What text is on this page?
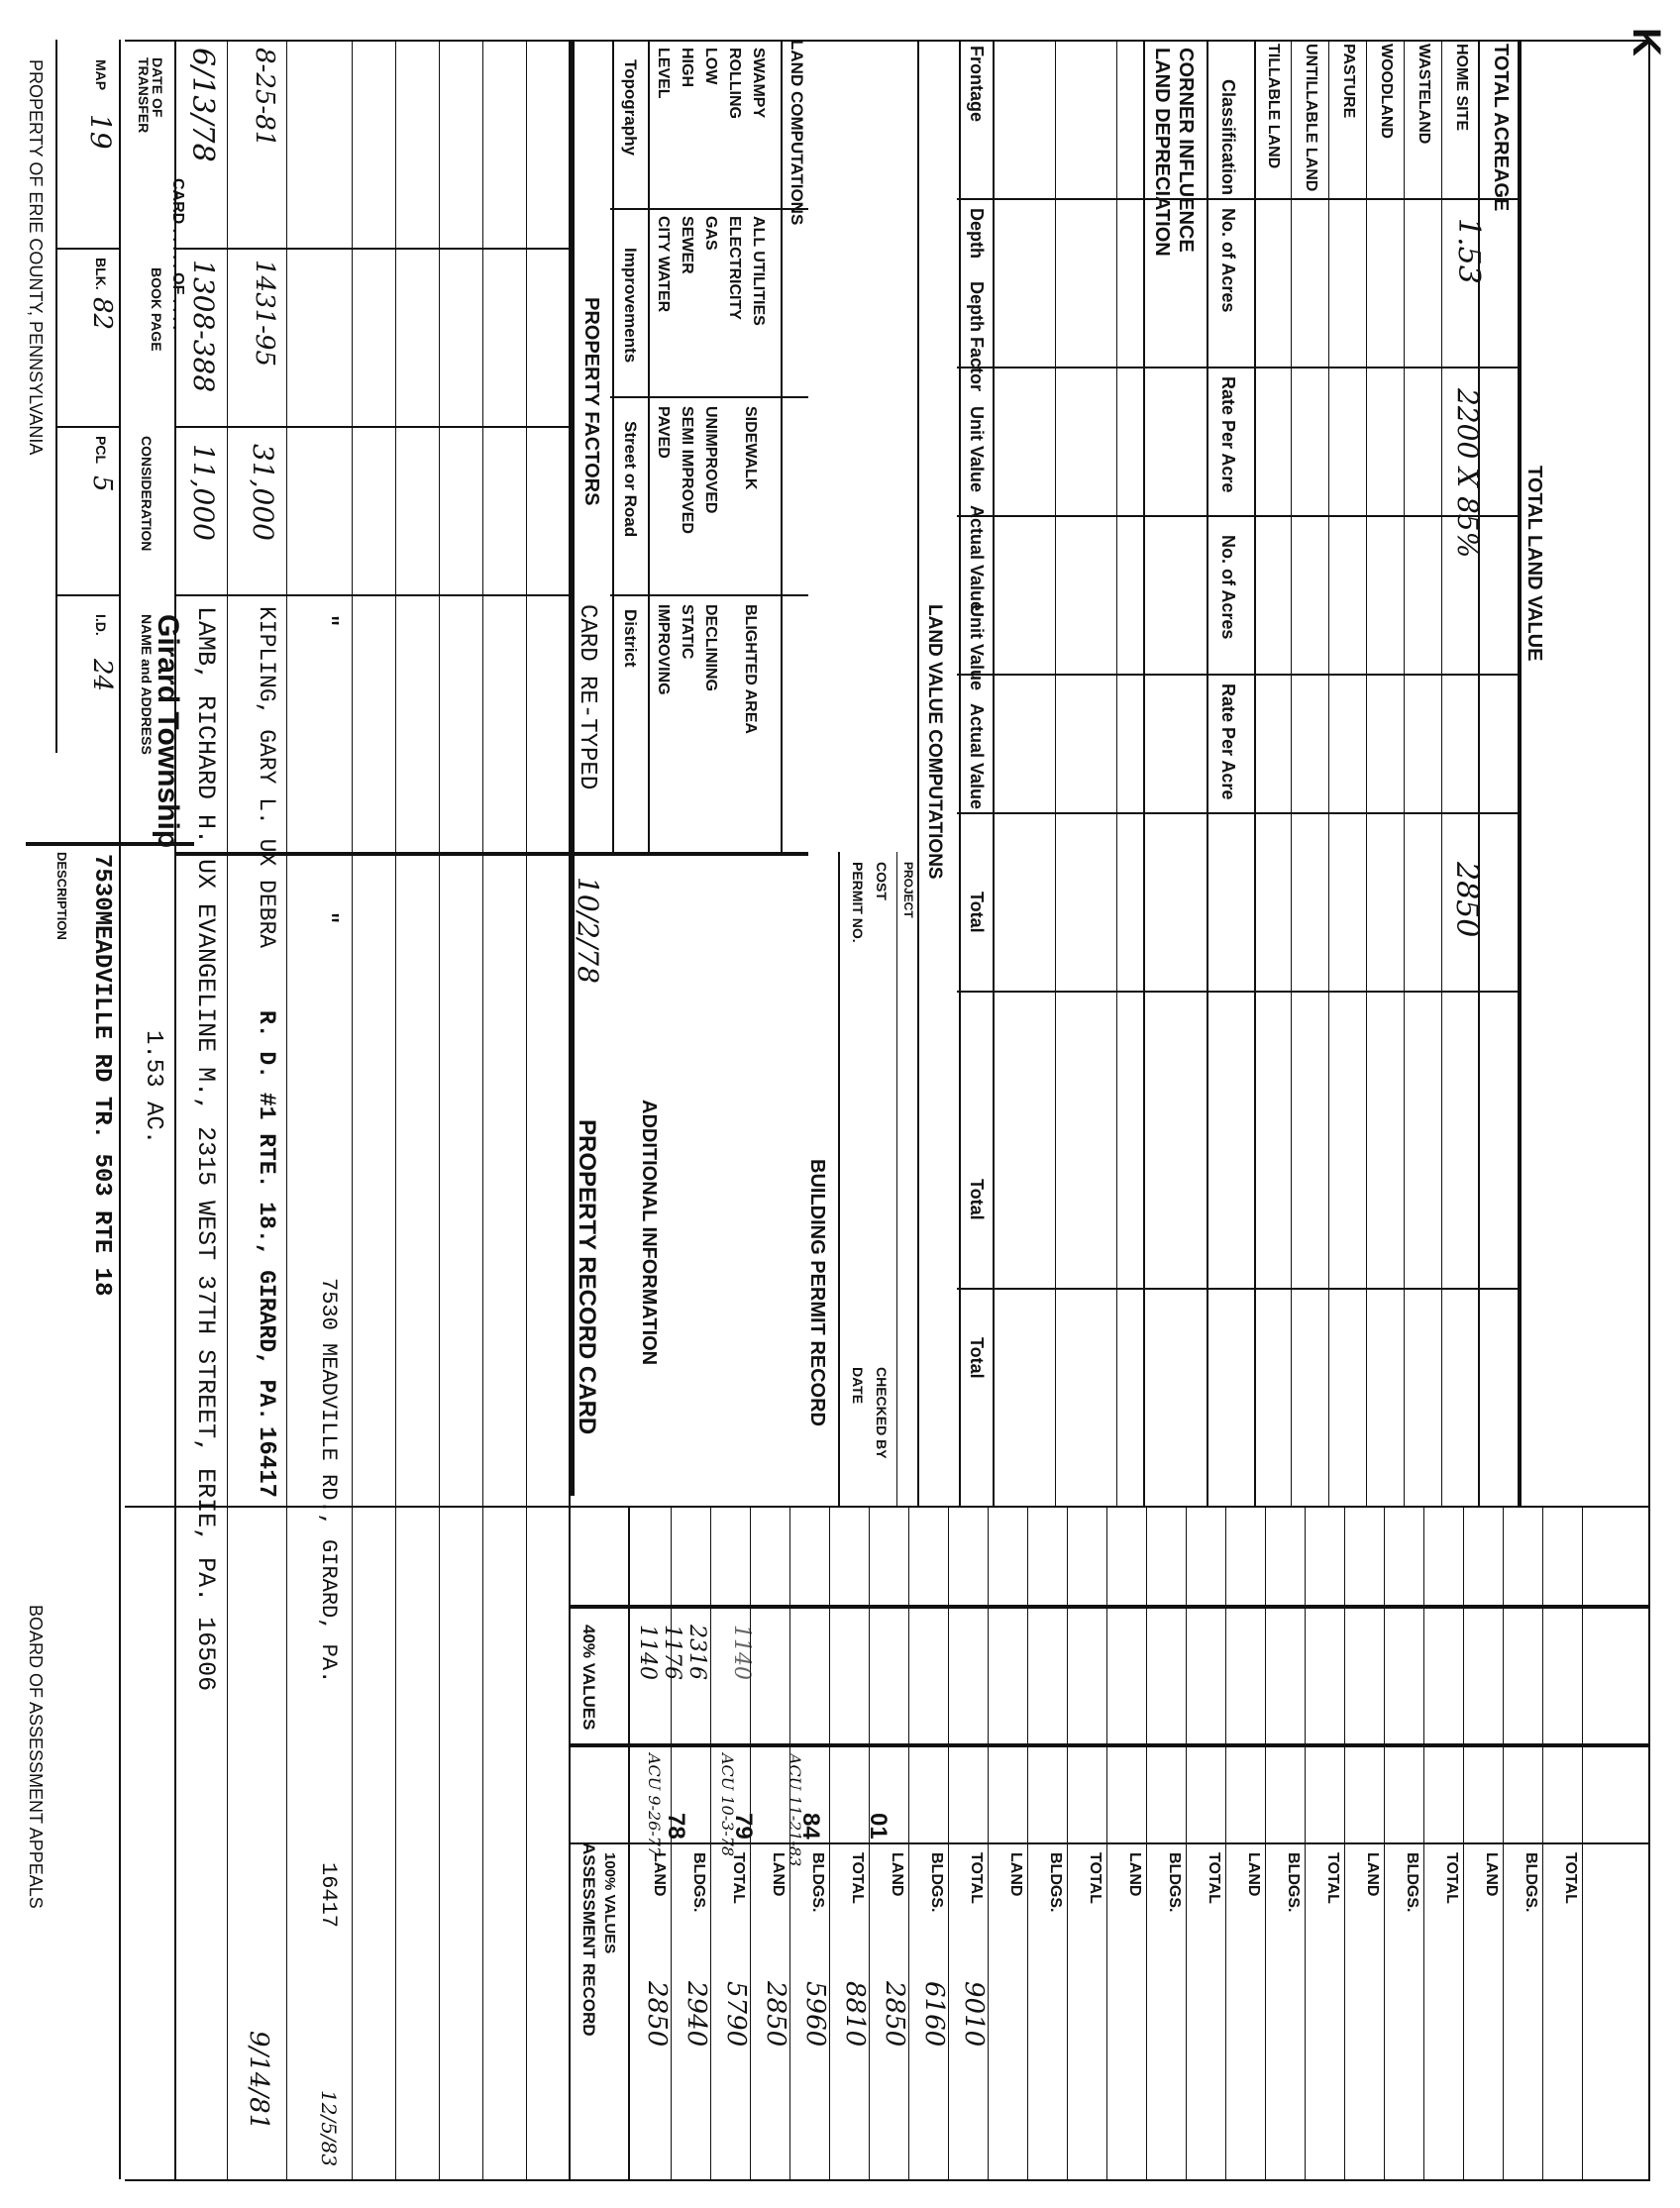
K
CARD . . . . . OF . . . .
Girard Township
MAP
19
BLK.
82
PCL
5
I.D.
24
DESCRIPTION 7530MEADVILLE RD TR. 503 RTE 18 1.53 AC.
DATE OF TRANSFER
BOOK PAGE
CONSIDERATION
NAME and ADDRESS
6/13/78
1308-388
11,000
LAMB, RICHARD H. UX EVANGELINE M., 2315 WEST 37TH STREET, ERIE, PA. 16506
8-25-81
1431-95
31,000
KIPLING, GARY L. UX DEBRA
R. D. #1 RTE. 18., GIRARD, PA.
16417
9/14/81
"
"
7530 MEADVILLE RD., GIRARD, PA.
16417
12/5/83
PROPERTY FACTORS
CARD RE-TYPED
10/2/78
Topography
Improvements
Street or Road
District
LEVEL HIGH LOW ROLLING SWAMPY
CITY WATER SEWER GAS ELECTRICITY ALL UTILITIES
PAVED SEMI IMPROVED UNIMPROVED SIDEWALK
IMPROVING STATIC DECLINING BLIGHTED AREA
LAND COMPUTATIONS
PROPERTY RECORD CARD ADDITIONAL INFORMATION	BUILDING PERMIT RECORD
PERMIT NO.
DATE
COST
CHECKED BY
PROJECT
LAND VALUE COMPUTATIONS
Frontage
Depth
Depth Factor
Unit Value
Actual Value
Unit Value
Actual Value
Total
Total
Total
LAND DEPRECIATION CORNER INFLUENCE Classification
No. of Acres
Rate Per Acre
No. of Acres
Rate Per Acre
TILLABLE LAND UNTILLABLE LAND PASTURE WOODLAND WASTELAND HOME SITE TOTAL ACREAGE
1.53
2200 X 85%
2850
TOTAL LAND VALUE
40% VALUES
ASSESSMENT RECORD 100% VALUES
1140 1176 2316 1140
ACU 9-26-77
ACU 10-3-78
ACU 11-21-83
78 79 84 01
LAND
2850
BLDGS.
2940
TOTAL
5790
LAND
2850
BLDGS.
5960
TOTAL
8810
LAND
2850
BLDGS.
6160
TOTAL
9010
LAND BLDGS. TOTAL LAND BLDGS. TOTAL LAND BLDGS. TOTAL LAND BLDGS. TOTAL LAND BLDGS. TOTAL
PROPERTY OF ERIE COUNTY, PENNSYLVANIA
BOARD OF ASSESSMENT APPEALS
